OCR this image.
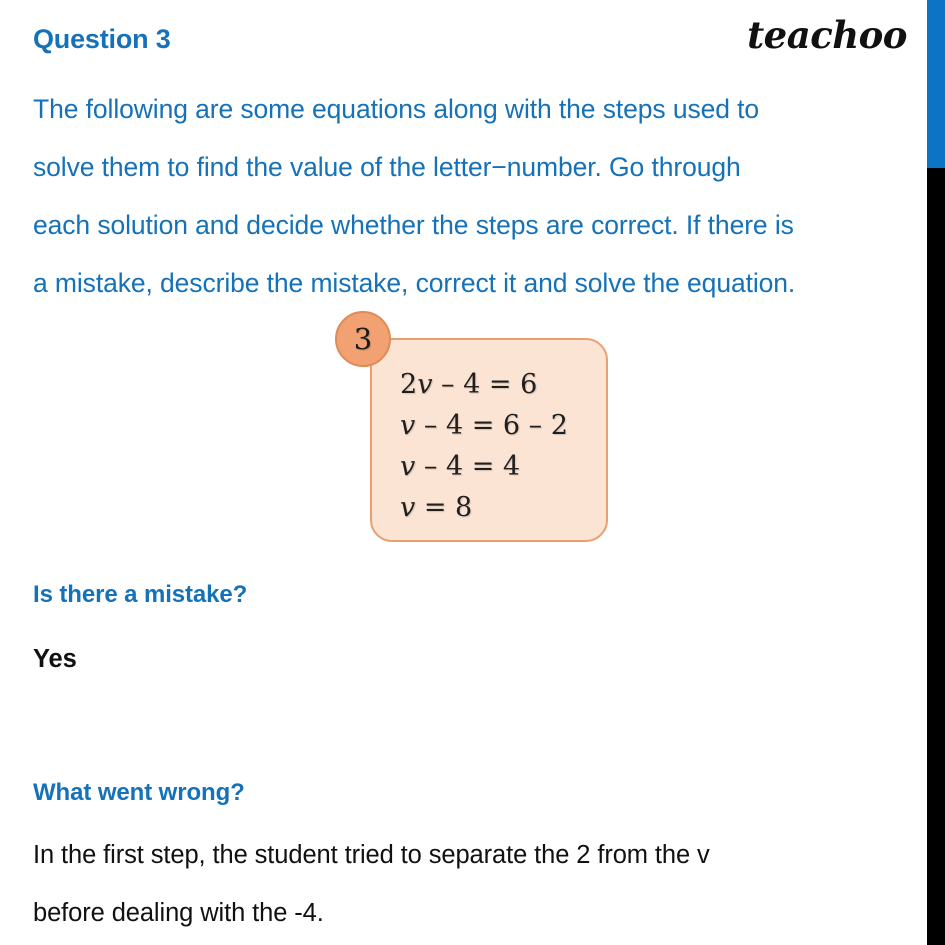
Question 3	teachoo
The following are some equations along with the steps used to
solve them to find the value of the letter−number. Go through
each solution and decide whether the steps are correct. If there is
a mistake, describe the mistake, correct it and solve the equation.
3
2v – 4 = 6
v – 4 = 6 – 2
v – 4 = 4
v = 8
Is there a mistake?
Yes
What went wrong?
In the first step, the student tried to separate the 2 from the v
before dealing with the -4.
